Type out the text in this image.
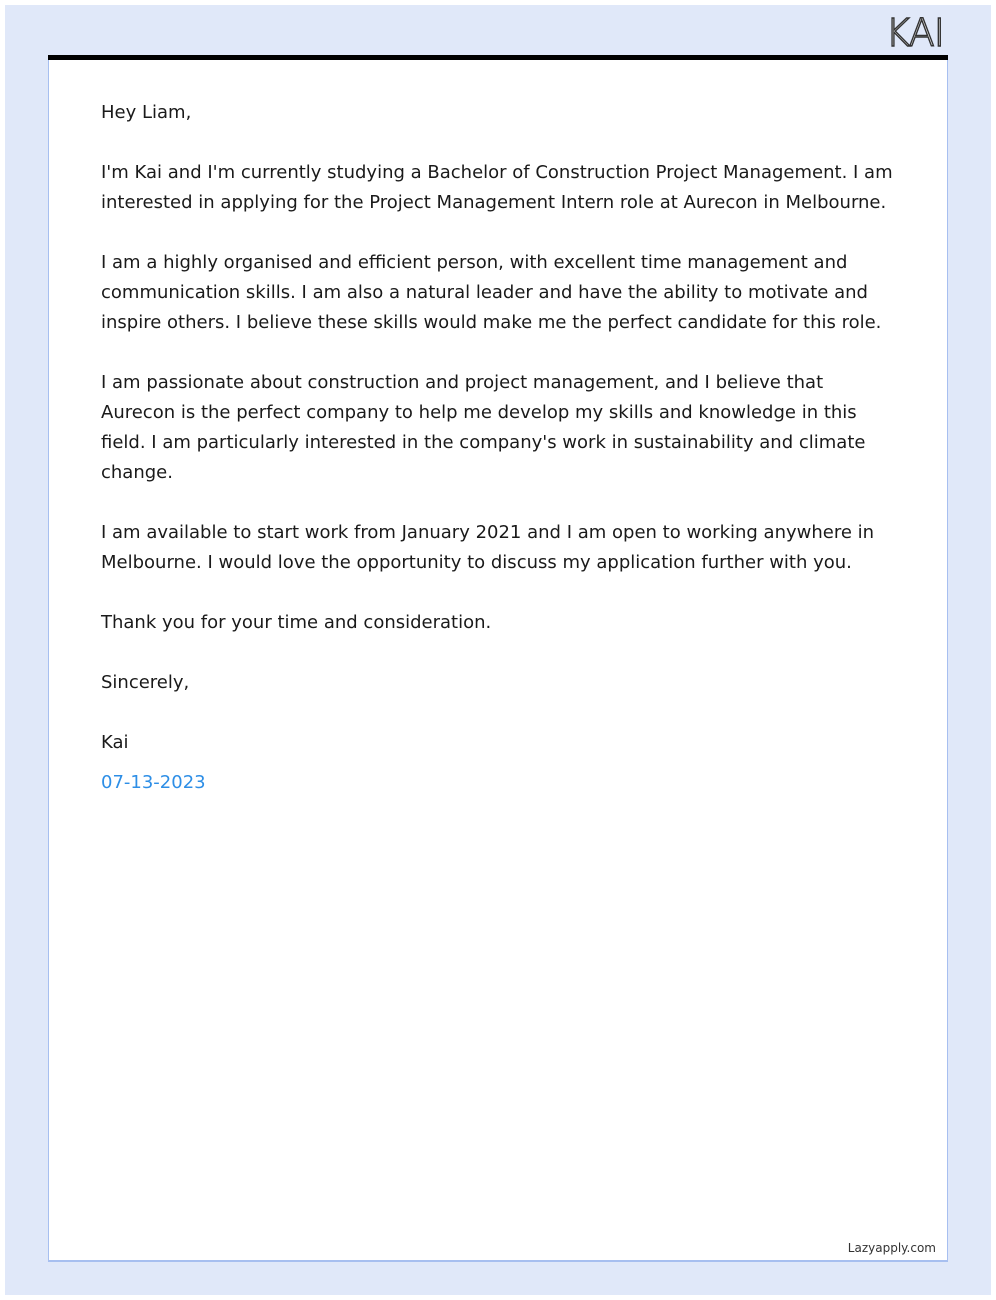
KAI

Hey Liam,

I'm Kai and I'm currently studying a Bachelor of Construction Project Management. I am interested in applying for the Project Management Intern role at Aurecon in Melbourne.

I am a highly organised and efficient person, with excellent time management and communication skills. I am also a natural leader and have the ability to motivate and inspire others. I believe these skills would make me the perfect candidate for this role.

I am passionate about construction and project management, and I believe that Aurecon is the perfect company to help me develop my skills and knowledge in this field. I am particularly interested in the company's work in sustainability and climate change.

I am available to start work from January 2021 and I am open to working anywhere in Melbourne. I would love the opportunity to discuss my application further with you.

Thank you for your time and consideration.

Sincerely,

Kai

07-13-2023

Lazyapply.com
